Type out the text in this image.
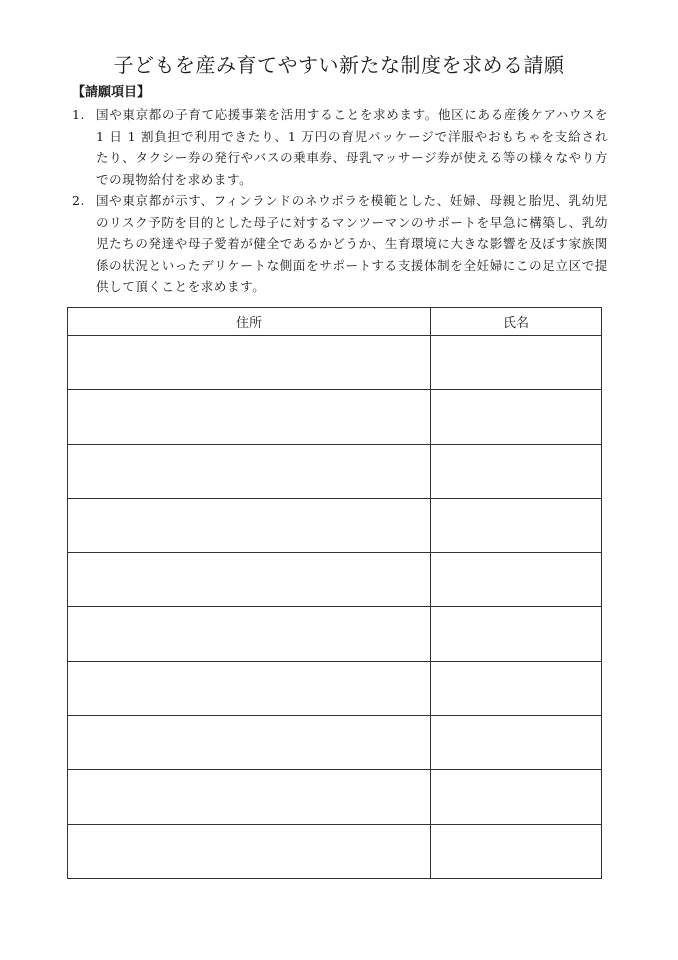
子どもを産み育てやすい新たな制度を求める請願
【請願項目】
1. 国や東京都の子育て応援事業を活用することを求めます。他区にある産後ケアハウスを 1 日 1 割負担で利用できたり、1 万円の育児パッケージで洋服やおもちゃを支給されたり、タクシー券の発行やバスの乗車券、母乳マッサージ券が使える等の様々なやり方での現物給付を求めます。
2. 国や東京都が示す、フィンランドのネウボラを模範とした、妊婦、母親と胎児、乳幼児のリスク予防を目的とした母子に対するマンツーマンのサポートを早急に構築し、乳幼児たちの発達や母子愛着が健全であるかどうか、生育環境に大きな影響を及ぼす家族関係の状況といったデリケートな側面をサポートする支援体制を全妊婦にこの足立区で提供して頂くことを求めます。
住所	氏名
